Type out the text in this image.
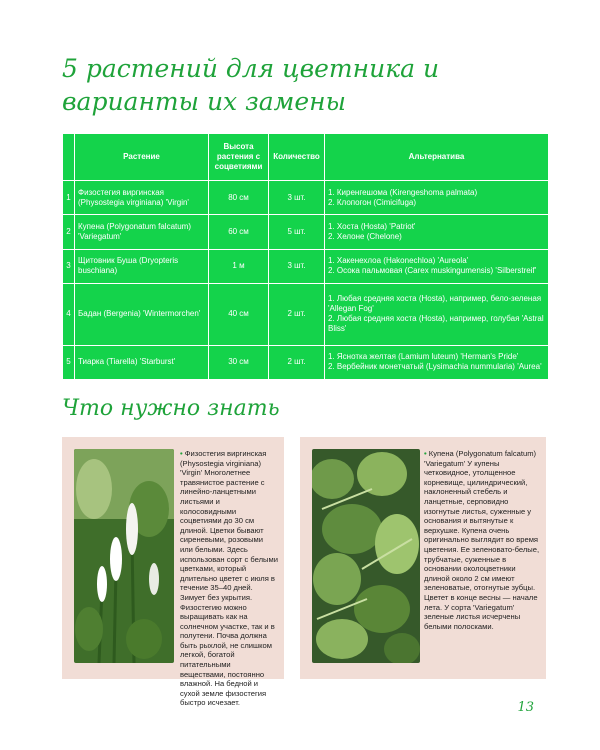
5 растений для цветника и варианты их замены
	Растение	Высота растения с соцветиями	Количество	Альтернатива
1	Физостегия виргинская (Physostegia virginiana) 'Virgin'	80 см	3 шт.	1. Киренгешома (Kirengeshoma palmata)
2. Клопогон (Cimicifuga)

2	Купена (Polygonatum falcatum) 'Variegatum'	60 см	5 шт.	1. Хоста (Hosta) 'Patriot'
2. Хелоне (Chelone)

3	Щитовник Буша (Dryopteris buschiana)	1 м	3 шт.	1. Хакенехлоа (Hakonechloa) 'Aureola'
2. Осока пальмовая (Carex muskingumensis) 'Silberstreif'

4	Бадан (Bergenia) 'Wintermorchen'	40 см	2 шт.	1. Любая средняя хоста (Hosta), например, бело-зеленая 'Allegan Fog'
2. Любая средняя хоста (Hosta), например, голубая 'Astral Bliss'

5	Тиарка (Tiarella) 'Starburst'	30 см	2 шт.	1. Яснотка желтая (Lamium luteum) 'Herman's Pride'
2. Вербейник монетчатый (Lysimachia nummularia) 'Aurea'
Что нужно знать
• Физостегия виргинская (Physostegia virginiana) 'Virgin' Многолетнее травянистое растение с линейно-ланцетными листьями и колосовидными соцветиями до 30 см длиной. Цветки бывают сиреневыми, розовыми или белыми. Здесь использован сорт с белыми цветками, который длительно цветет с июля в течение 35–40 дней. Зимует без укрытия. Физостегию можно выращивать как на солнечном участке, так и в полутени. Почва должна быть рыхлой, не слишком легкой, богатой питательными веществами, постоянно влажной. На бедной и сухой земле физостегия быстро исчезает.
• Купена (Polygonatum falcatum) 'Variegatum' У купены четковидное, утолщенное корневище, цилиндрический, наклоненный стебель и ланцетные, серповидно изогнутые листья, суженные у основания и вытянутые к верхушке. Купена очень оригинально выглядит во время цветения. Ее зеленовато-белые, трубчатые, суженные в основании околоцветники длиной около 2 см имеют зеленоватые, отогнутые зубцы. Цветет в конце весны — начале лета. У сорта 'Variegatum' зеленые листья исчерчены белыми полосками.
13
